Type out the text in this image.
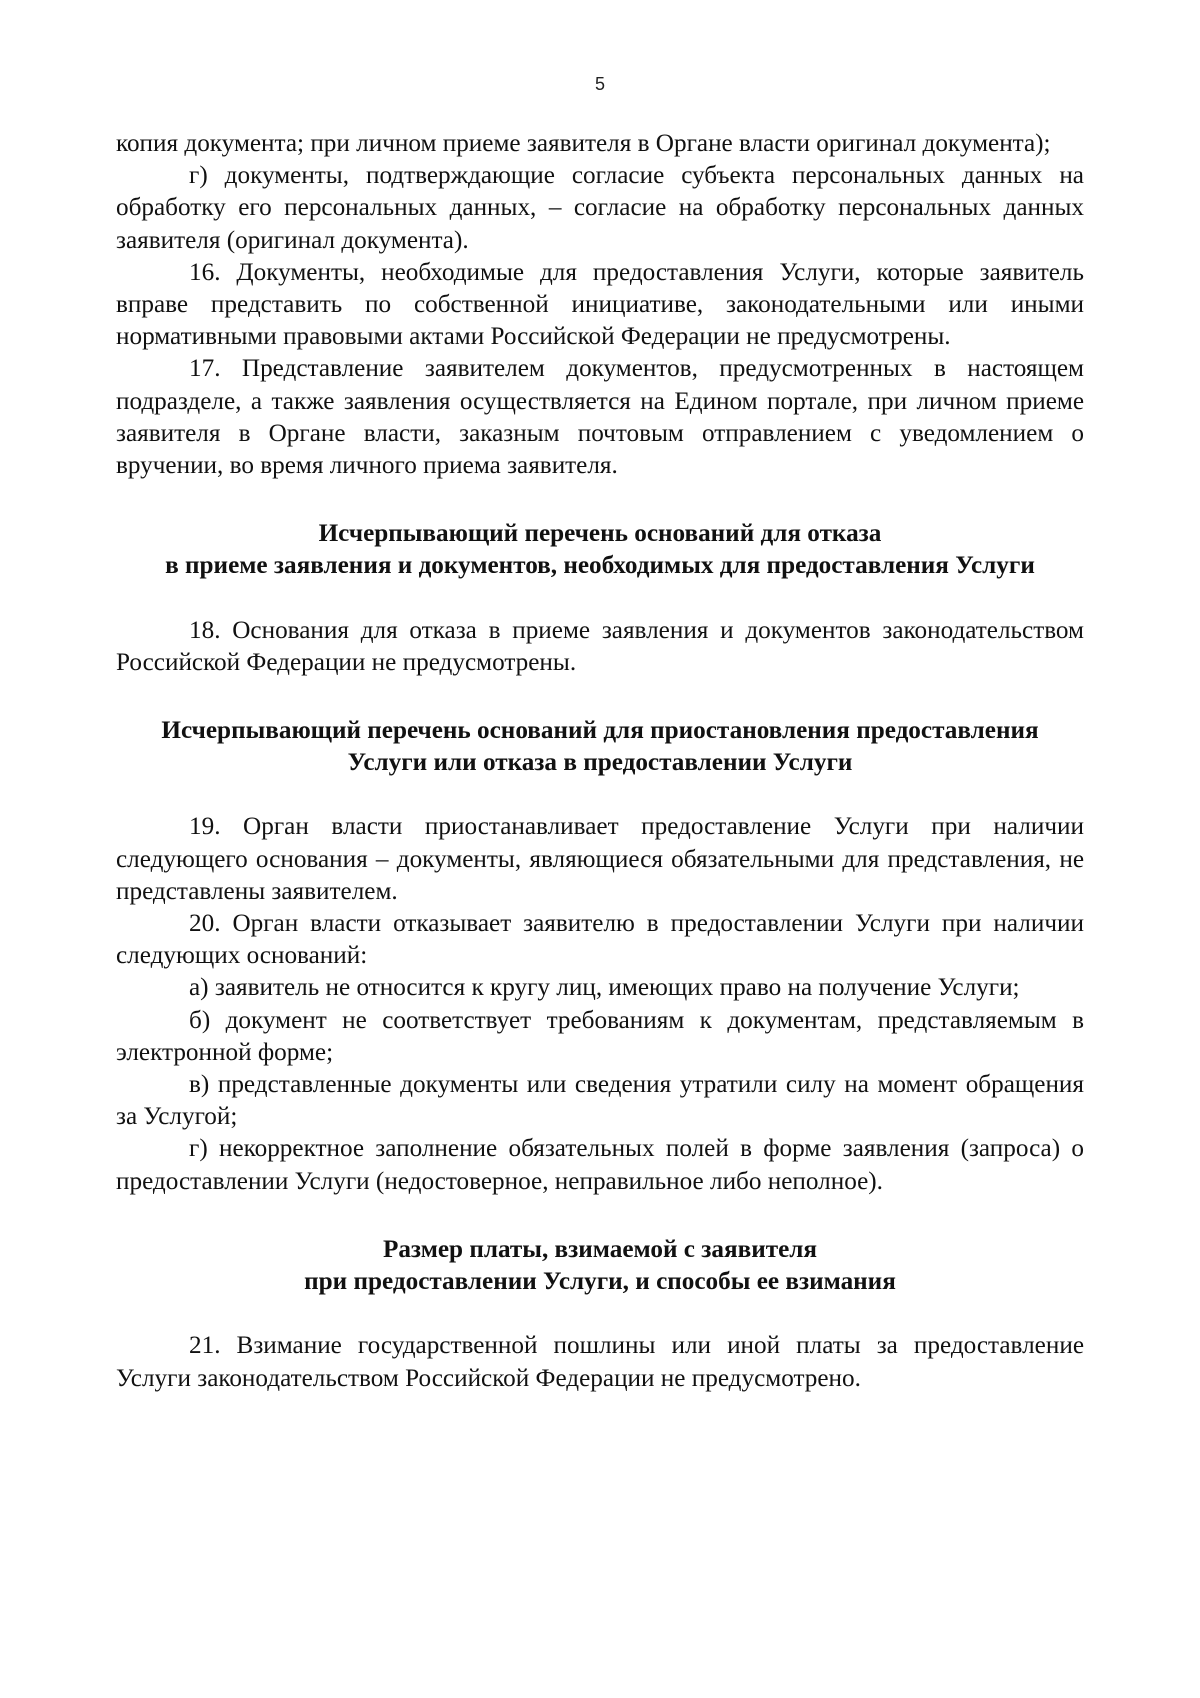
5

копия документа; при личном приеме заявителя в Органе власти оригинал документа);

г) документы, подтверждающие согласие субъекта персональных данных на обработку его персональных данных, – согласие на обработку персональных данных заявителя (оригинал документа).

16. Документы, необходимые для предоставления Услуги, которые заявитель вправе представить по собственной инициативе, законодательными или иными нормативными правовыми актами Российской Федерации не предусмотрены.

17. Представление заявителем документов, предусмотренных в настоящем подразделе, а также заявления осуществляется на Едином портале, при личном приеме заявителя в Органе власти, заказным почтовым отправлением с уведомлением о вручении, во время личного приема заявителя.

Исчерпывающий перечень оснований для отказа
в приеме заявления и документов, необходимых для предоставления Услуги

18. Основания для отказа в приеме заявления и документов законодательством Российской Федерации не предусмотрены.

Исчерпывающий перечень оснований для приостановления предоставления
Услуги или отказа в предоставлении Услуги

19. Орган власти приостанавливает предоставление Услуги при наличии следующего основания – документы, являющиеся обязательными для представления, не представлены заявителем.

20. Орган власти отказывает заявителю в предоставлении Услуги при наличии следующих оснований:

а) заявитель не относится к кругу лиц, имеющих право на получение Услуги;

б) документ не соответствует требованиям к документам, представляемым в электронной форме;

в) представленные документы или сведения утратили силу на момент обращения за Услугой;

г) некорректное заполнение обязательных полей в форме заявления (запроса) о предоставлении Услуги (недостоверное, неправильное либо неполное).

Размер платы, взимаемой с заявителя
при предоставлении Услуги, и способы ее взимания

21. Взимание государственной пошлины или иной платы за предоставление Услуги законодательством Российской Федерации не предусмотрено.
